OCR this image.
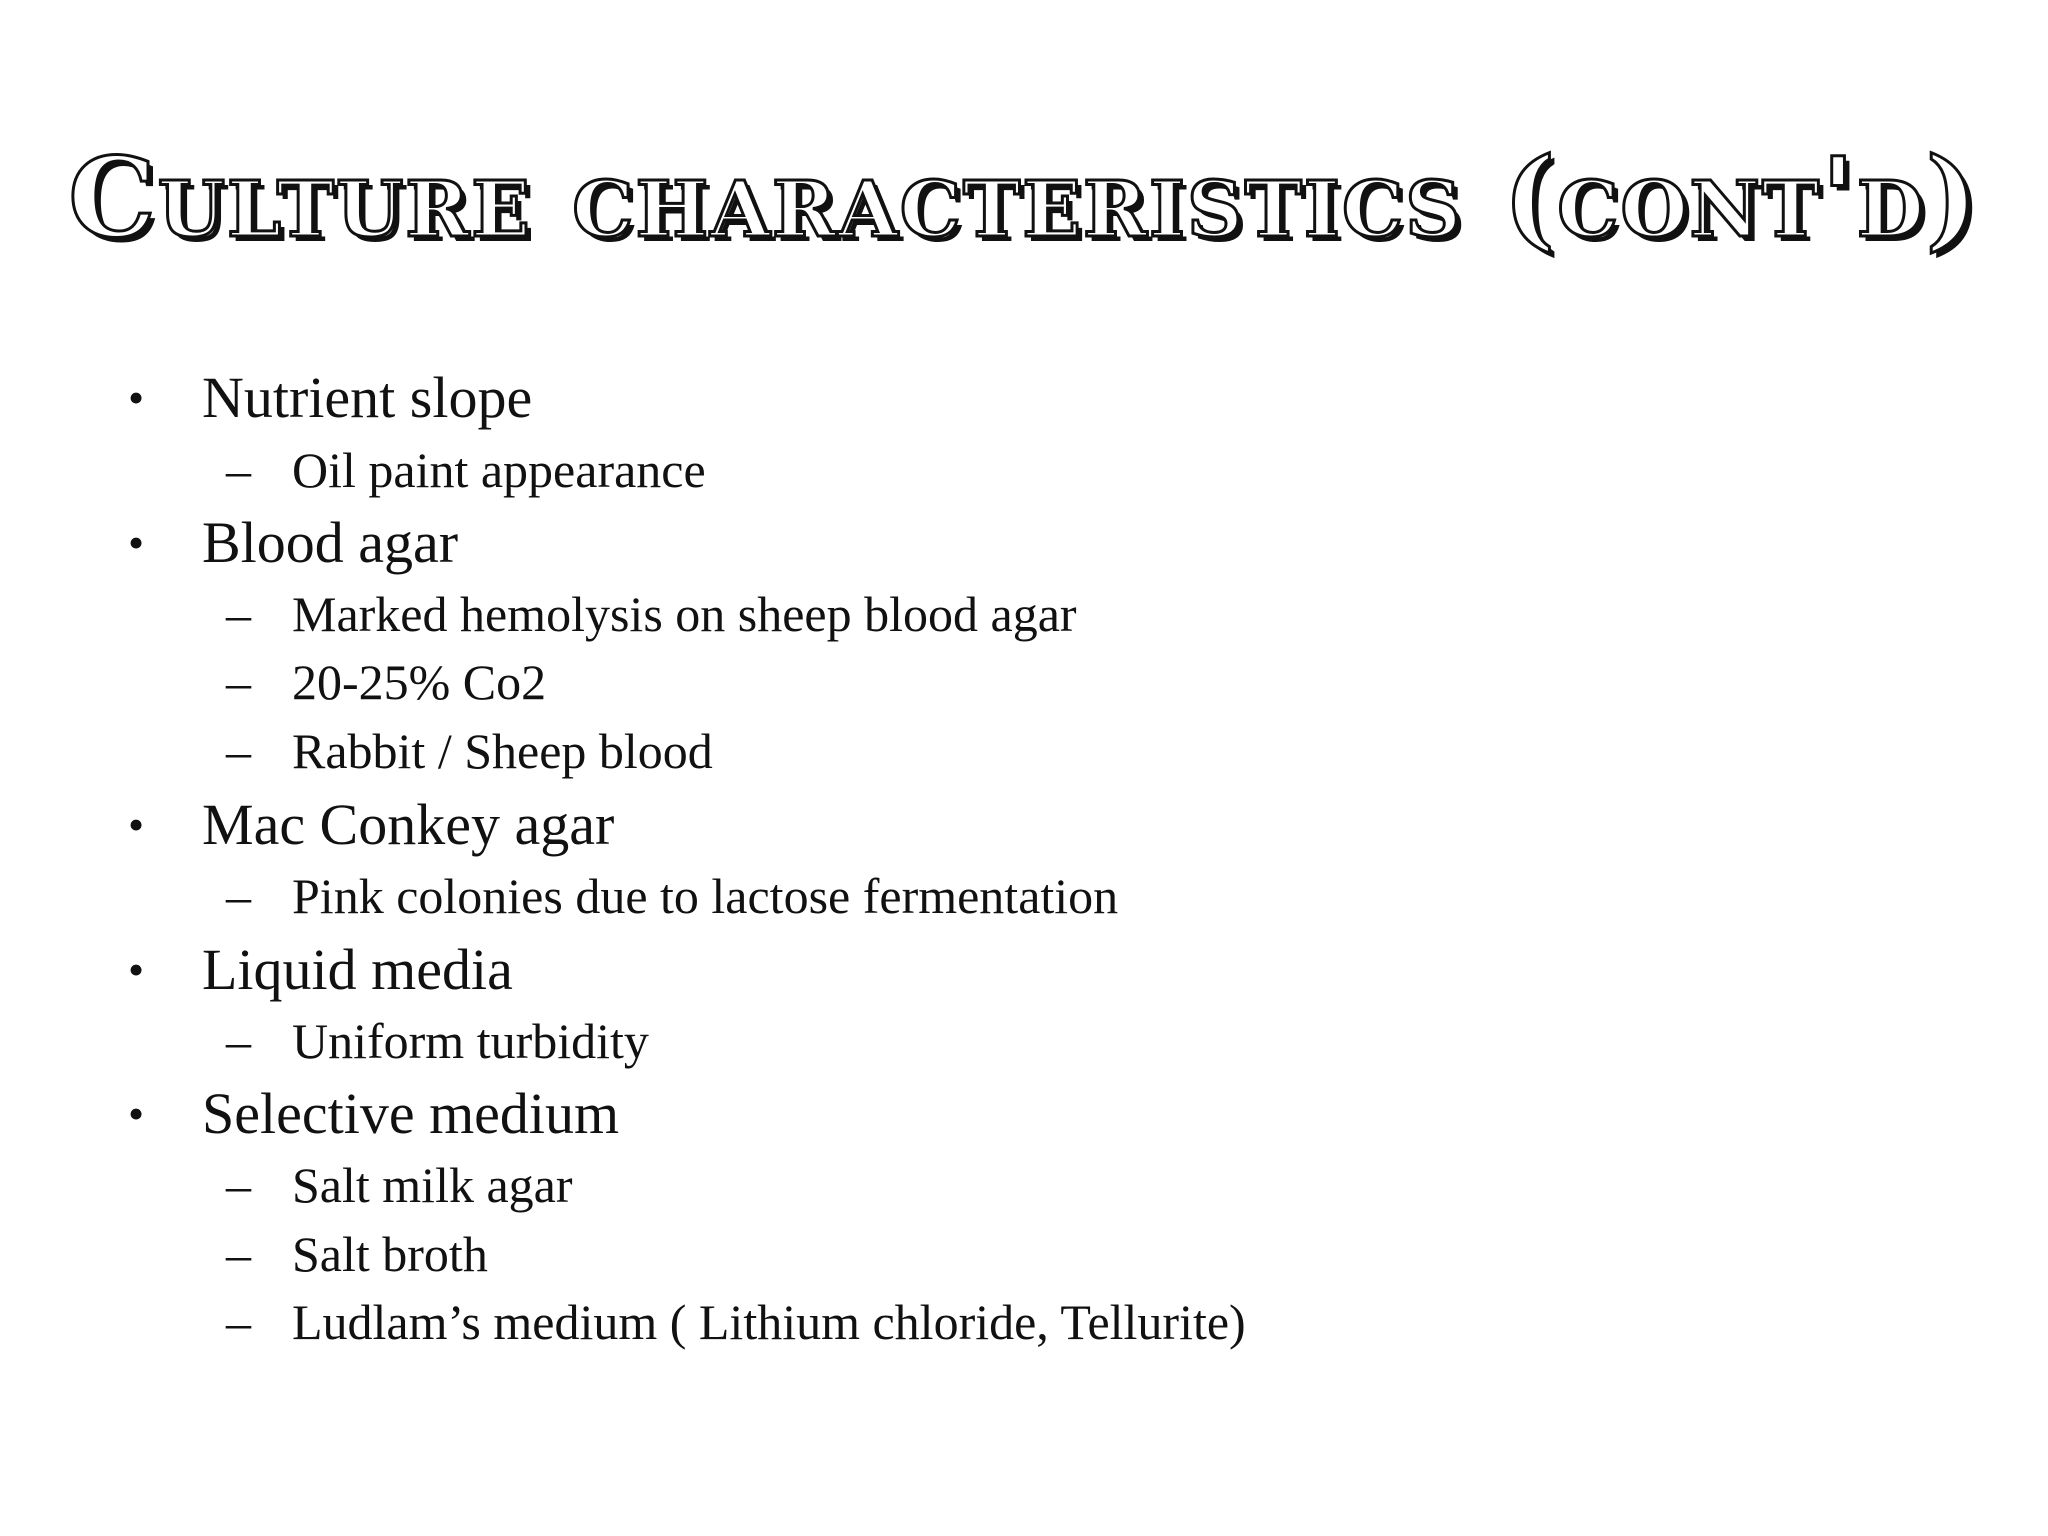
Culture characteristics (cont'd)
• Nutrient slope
– Oil paint appearance
• Blood agar
– Marked hemolysis on sheep blood agar
– 20-25% Co2
– Rabbit / Sheep blood
• Mac Conkey agar
– Pink colonies due to lactose fermentation
• Liquid media
– Uniform turbidity
• Selective medium
– Salt milk agar
– Salt broth
– Ludlam’s medium ( Lithium chloride, Tellurite)
